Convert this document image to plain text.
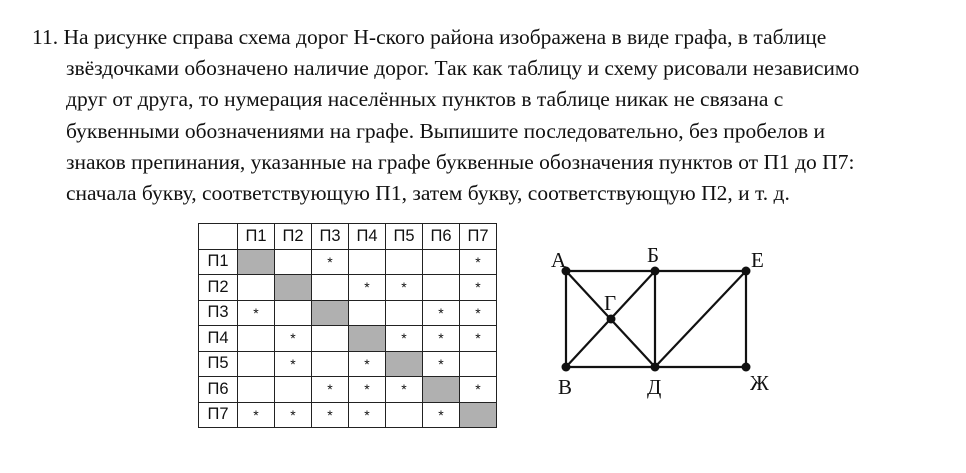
11. На рисунке справа схема дорог Н-ского района изображена в виде графа, в таблице
звёздочками обозначено наличие дорог. Так как таблицу и схему рисовали независимо
друг от друга, то нумерация населённых пунктов в таблице никак не связана с
буквенными обозначениями на графе. Выпишите последовательно, без пробелов и
знаков препинания, указанные на графе буквенные обозначения пунктов от П1 до П7:
сначала букву, соответствующую П1, затем букву, соответствующую П2, и т. д.
	П1	П2	П3	П4	П5	П6	П7
П1			*				*
П2				*	*		*
П3	*					*	*
П4		*			*	*	*
П5		*		*		*	
П6			*	*	*		*
П7	*	*	*	*		*	
А	Б	Е
Г
В	Д	Ж
